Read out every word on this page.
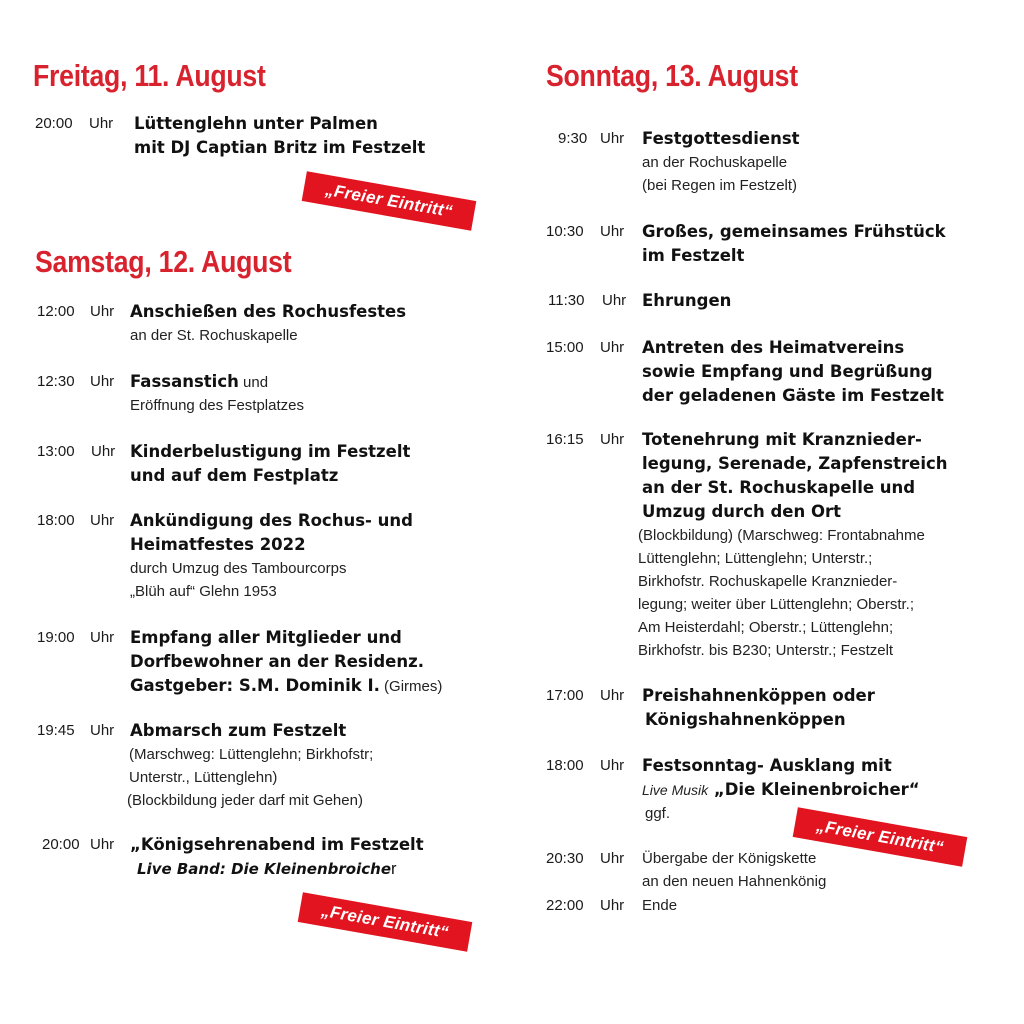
Freitag, 11. August
20:00 Uhr Lüttenglehn unter Palmen
mit DJ Captian Britz im Festzelt
„Freier Eintritt“
Samstag, 12. August
12:00 Uhr Anschießen des Rochusfestes
an der St. Rochuskapelle
12:30 Uhr Fassanstich und
Eröffnung des Festplatzes
13:00 Uhr Kinderbelustigung im Festzelt
und auf dem Festplatz
18:00 Uhr Ankündigung des Rochus- und
Heimatfestes 2022
durch Umzug des Tambourcorps
„Blüh auf“ Glehn 1953
19:00 Uhr Empfang aller Mitglieder und
Dorfbewohner an der Residenz.
Gastgeber: S.M. Dominik I. (Girmes)
19:45 Uhr Abmarsch zum Festzelt
(Marschweg: Lüttenglehn; Birkhofstr;
Unterstr., Lüttenglehn)
(Blockbildung jeder darf mit Gehen)
20:00 Uhr „Königsehrenabend im Festzelt
Live Band: Die Kleinenbroicher
„Freier Eintritt“
Sonntag, 13. August
9:30 Uhr Festgottesdienst
an der Rochuskapelle
(bei Regen im Festzelt)
10:30 Uhr Großes, gemeinsames Frühstück
im Festzelt
11:30 Uhr Ehrungen
15:00 Uhr Antreten des Heimatvereins
sowie Empfang und Begrüßung
der geladenen Gäste im Festzelt
16:15 Uhr Totenehrung mit Kranznieder-
legung, Serenade, Zapfenstreich
an der St. Rochuskapelle und
Umzug durch den Ort
(Blockbildung) (Marschweg: Frontabnahme
Lüttenglehn; Lüttenglehn; Unterstr.;
Birkhofstr. Rochuskapelle Kranznieder-
legung; weiter über Lüttenglehn; Oberstr.;
Am Heisterdahl; Oberstr.; Lüttenglehn;
Birkhofstr. bis B230; Unterstr.; Festzelt
17:00 Uhr Preishahnenköppen oder
Königshahnenköppen
18:00 Uhr Festsonntag- Ausklang mit
Live Musik „Die Kleinenbroicher“
ggf.
„Freier Eintritt“
20:30 Uhr Übergabe der Königskette
an den neuen Hahnenkönig
22:00 Uhr Ende
